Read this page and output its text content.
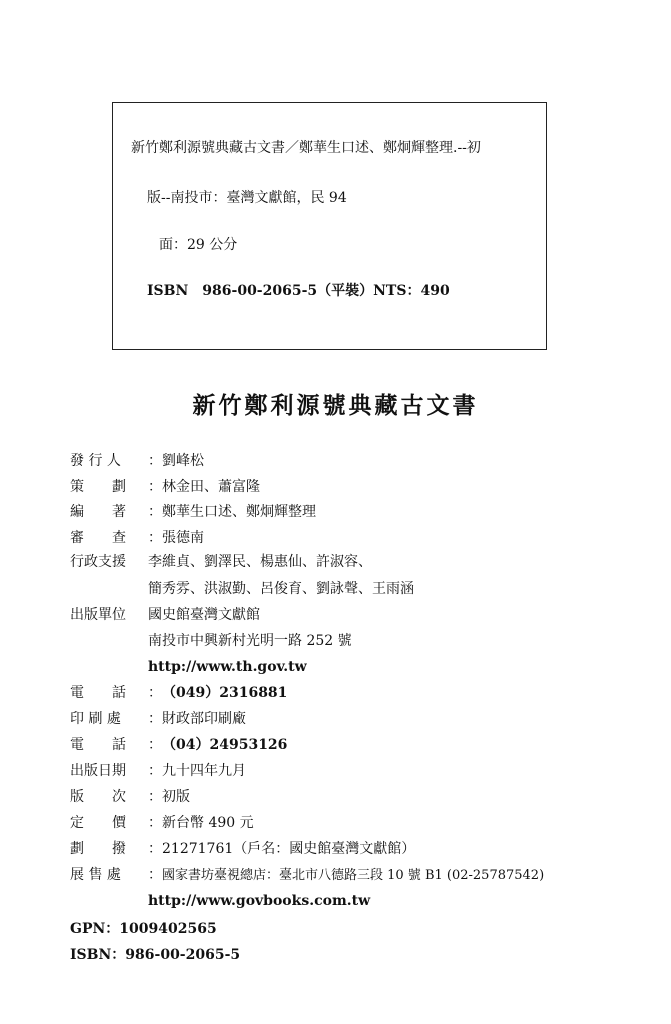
新竹鄭利源號典藏古文書／鄭華生口述、鄭炯輝整理.--初
版--南投市：臺灣文獻館，民 94
面：29 公分
ISBN　986-00-2065-5（平裝）NTS：490
新竹鄭利源號典藏古文書
發 行 人 ：劉峰松
策　　劃 ：林金田、蕭富隆
編　　著 ：鄭華生口述、鄭炯輝整理
審　　查 ：張德南
行政支援 李維貞、劉澤民、楊惠仙、許淑容、
簡秀雰、洪淑勤、呂俊育、劉詠聲、王雨涵
出版單位 國史館臺灣文獻館
南投市中興新村光明一路 252 號
http://www.th.gov.tw
電　　話 ：（049）2316881
印 刷 處 ：財政部印刷廠
電　　話 ：（04）24953126
出版日期 ：九十四年九月
版　　次 ：初版
定　　價 ：新台幣 490 元
劃　　撥 ：21271761（戶名：國史館臺灣文獻館）
展 售 處 ：國家書坊臺視總店：臺北市八德路三段 10 號 B1 (02-25787542)
http://www.govbooks.com.tw
GPN：1009402565
ISBN：986-00-2065-5
